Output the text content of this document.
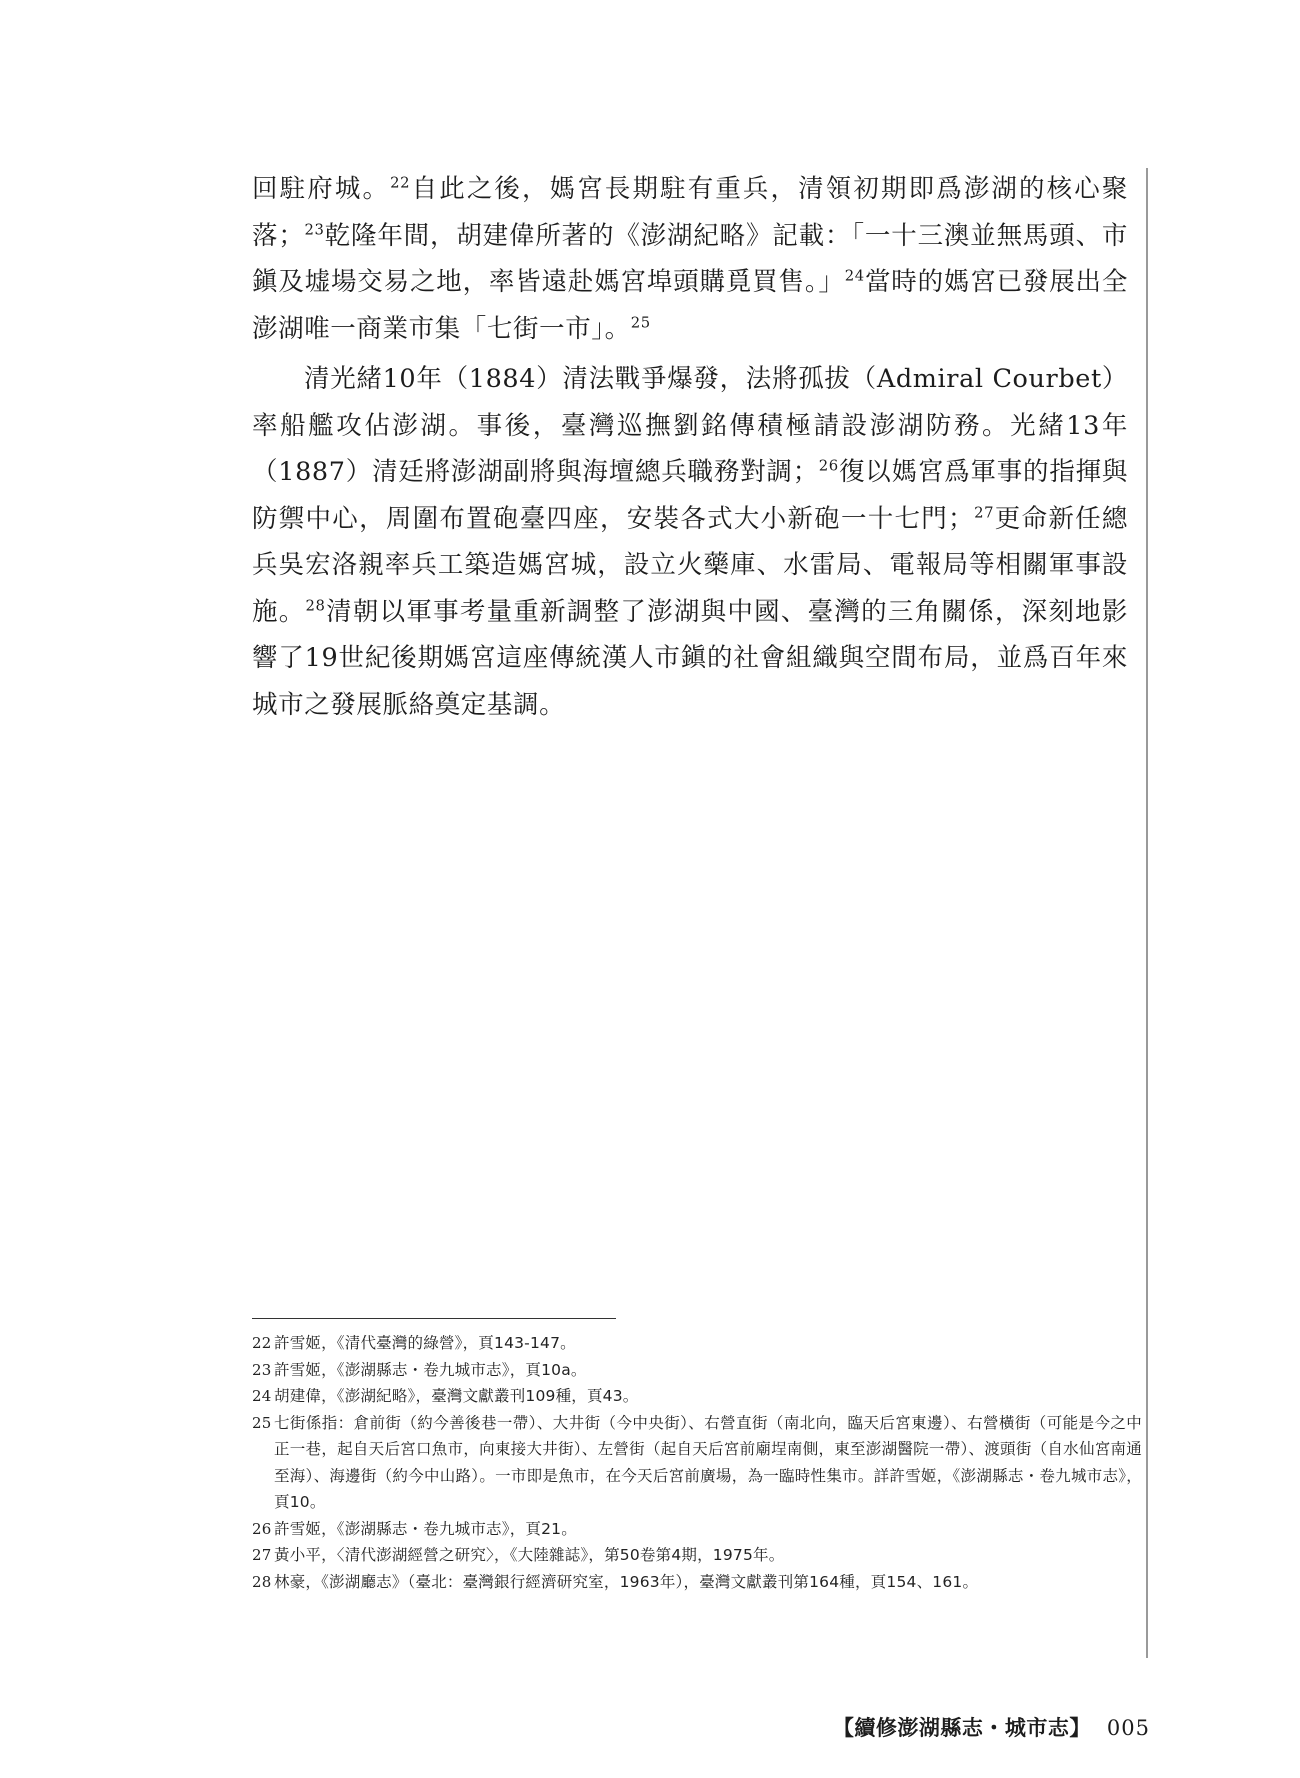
回駐府城。$^{22}$自此之後，媽宮長期駐有重兵，清領初期即爲澎湖的核心聚落；$^{23}$乾隆年間，胡建偉所著的《澎湖紀略》記載：「一十三澳並無馬頭、市鎭及墟場交易之地，率皆遠赴媽宮埠頭購覓買售。」$^{24}$當時的媽宮已發展出全澎湖唯一商業市集「七街一市」。$^{25}$

清光緒10年（1884）清法戰爭爆發，法將孤拔（Admiral Courbet）率船艦攻佔澎湖。事後，臺灣巡撫劉銘傳積極請設澎湖防務。光緒13年（1887）清廷將澎湖副將與海壇總兵職務對調；$^{26}$復以媽宮爲軍事的指揮與防禦中心，周圍布置砲臺四座，安裝各式大小新砲一十七門；$^{27}$更命新任總兵吳宏洛親率兵工築造媽宮城，設立火藥庫、水雷局、電報局等相關軍事設施。$^{28}$清朝以軍事考量重新調整了澎湖與中國、臺灣的三角關係，深刻地影響了19世紀後期媽宮這座傳統漢人市鎭的社會組織與空間布局，並爲百年來城市之發展脈絡奠定基調。

22 許雪姬，《清代臺灣的綠營》，頁143-147。
23 許雪姬，《澎湖縣志・卷九城市志》，頁10a。
24 胡建偉，《澎湖紀略》，臺灣文獻叢刊109種，頁43。
25 七街係指：倉前街（約今善後巷一帶）、大井街（今中央街）、右營直街（南北向，臨天后宮東邊）、右營橫街（可能是今之中正一巷，起自天后宮口魚市，向東接大井街）、左營街（起自天后宮前廟埕南側，東至澎湖醫院一帶）、渡頭街（自水仙宮南通至海）、海邊街（約今中山路）。一市即是魚市，在今天后宮前廣場，為一臨時性集市。詳許雪姬，《澎湖縣志・卷九城市志》，頁10。
26 許雪姬，《澎湖縣志・卷九城市志》，頁21。
27 黃小平，〈清代澎湖經營之研究〉，《大陸雜誌》，第50卷第4期，1975年。
28 林豪，《澎湖廳志》（臺北：臺灣銀行經濟研究室，1963年），臺灣文獻叢刊第164種，頁154、161。
【續修澎湖縣志・城市志】 005
